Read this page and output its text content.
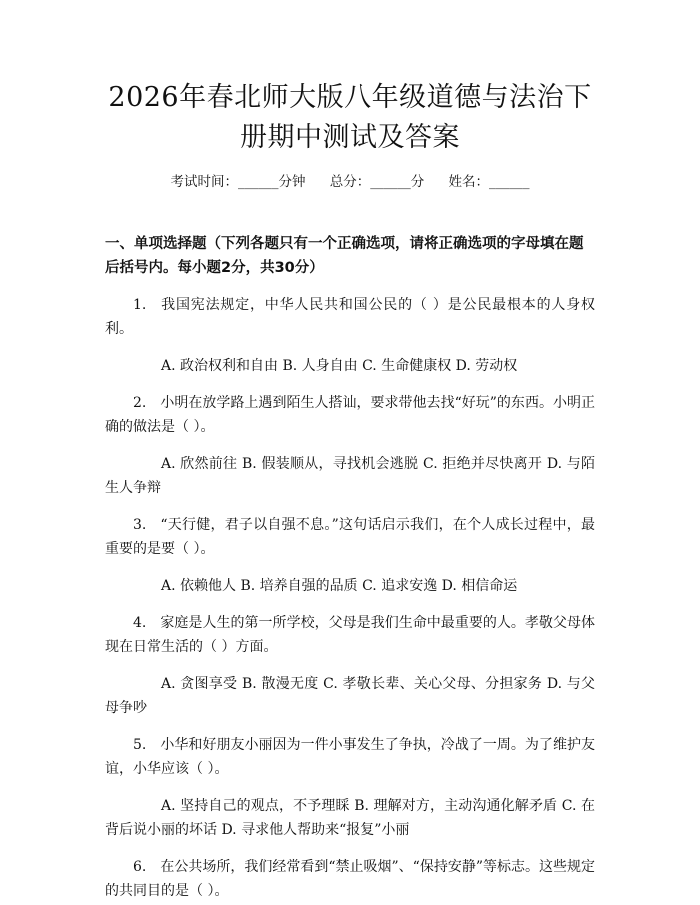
2026年春北师大版八年级道德与法治下册期中测试及答案
考试时间：______分钟 总分：______分 姓名：______
一、单项选择题（下列各题只有一个正确选项，请将正确选项的字母填在题后括号内。每小题2分，共30分）
1. 我国宪法规定，中华人民共和国公民的（ ）是公民最根本的人身权利。
A. 政治权利和自由 B. 人身自由 C. 生命健康权 D. 劳动权
2. 小明在放学路上遇到陌生人搭讪，要求带他去找“好玩”的东西。小明正确的做法是（ ）。
A. 欣然前往 B. 假装顺从，寻找机会逃脱 C. 拒绝并尽快离开 D. 与陌生人争辩
3. “天行健，君子以自强不息。”这句话启示我们，在个人成长过程中，最重要的是要（ ）。
A. 依赖他人 B. 培养自强的品质 C. 追求安逸 D. 相信命运
4. 家庭是人生的第一所学校，父母是我们生命中最重要的人。孝敬父母体现在日常生活的（ ）方面。
A. 贪图享受 B. 散漫无度 C. 孝敬长辈、关心父母、分担家务 D. 与父母争吵
5. 小华和好朋友小丽因为一件小事发生了争执，冷战了一周。为了维护友谊，小华应该（ ）。
A. 坚持自己的观点，不予理睬 B. 理解对方，主动沟通化解矛盾 C. 在背后说小丽的坏话 D. 寻求他人帮助来“报复”小丽
6. 在公共场所，我们经常看到“禁止吸烟”、“保持安静”等标志。这些规定的共同目的是（ ）。
